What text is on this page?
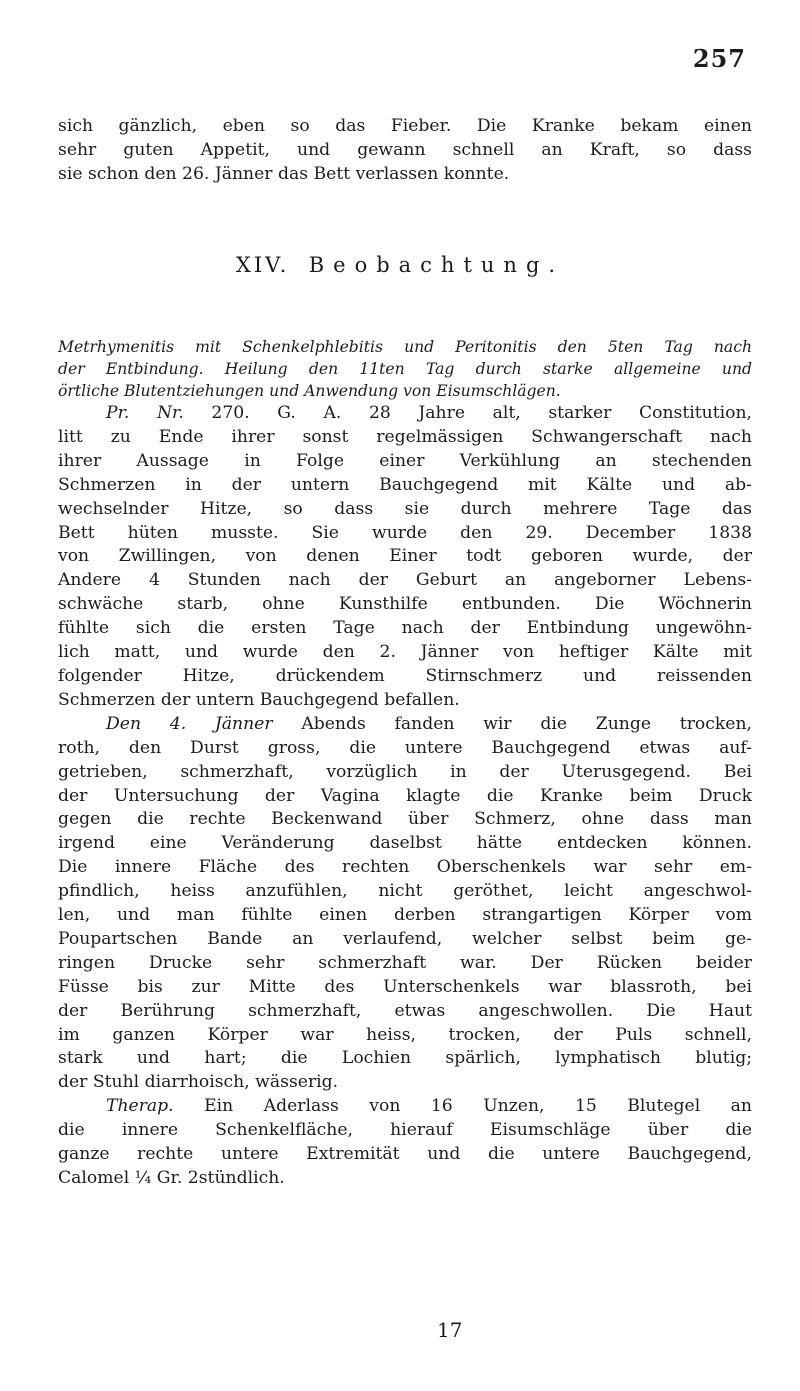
257
sich gänzlich, eben so das Fieber. Die Kranke bekam einen
sehr guten Appetit, und gewann schnell an Kraft, so dass
sie schon den 26. Jänner das Bett verlassen konnte.
XIV. Beobachtung.
Metrhymenitis mit Schenkelphlebitis und Peritonitis den 5ten Tag nach
der Entbindung. Heilung den 11ten Tag durch starke allgemeine und
örtliche Blutentziehungen und Anwendung von Eisumschlägen.
Pr. Nr. 270. G. A. 28 Jahre alt, starker Constitution,
litt zu Ende ihrer sonst regelmässigen Schwangerschaft nach
ihrer Aussage in Folge einer Verkühlung an stechenden
Schmerzen in der untern Bauchgegend mit Kälte und ab-
wechselnder Hitze, so dass sie durch mehrere Tage das
Bett hüten musste. Sie wurde den 29. December 1838
von Zwillingen, von denen Einer todt geboren wurde, der
Andere 4 Stunden nach der Geburt an angeborner Lebens-
schwäche starb, ohne Kunsthilfe entbunden. Die Wöchnerin
fühlte sich die ersten Tage nach der Entbindung ungewöhn-
lich matt, und wurde den 2. Jänner von heftiger Kälte mit
folgender Hitze, drückendem Stirnschmerz und reissenden
Schmerzen der untern Bauchgegend befallen.
Den 4. Jänner Abends fanden wir die Zunge trocken,
roth, den Durst gross, die untere Bauchgegend etwas auf-
getrieben, schmerzhaft, vorzüglich in der Uterusgegend. Bei
der Untersuchung der Vagina klagte die Kranke beim Druck
gegen die rechte Beckenwand über Schmerz, ohne dass man
irgend eine Veränderung daselbst hätte entdecken können.
Die innere Fläche des rechten Oberschenkels war sehr em-
pfindlich, heiss anzufühlen, nicht geröthet, leicht angeschwol-
len, und man fühlte einen derben strangartigen Körper vom
Poupartschen Bande an verlaufend, welcher selbst beim ge-
ringen Drucke sehr schmerzhaft war. Der Rücken beider
Füsse bis zur Mitte des Unterschenkels war blassroth, bei
der Berührung schmerzhaft, etwas angeschwollen. Die Haut
im ganzen Körper war heiss, trocken, der Puls schnell,
stark und hart; die Lochien spärlich, lymphatisch blutig;
der Stuhl diarrhoisch, wässerig.
Therap. Ein Aderlass von 16 Unzen, 15 Blutegel an
die innere Schenkelfläche, hierauf Eisumschläge über die
ganze rechte untere Extremität und die untere Bauchgegend,
Calomel ¼ Gr. 2stündlich.
17
